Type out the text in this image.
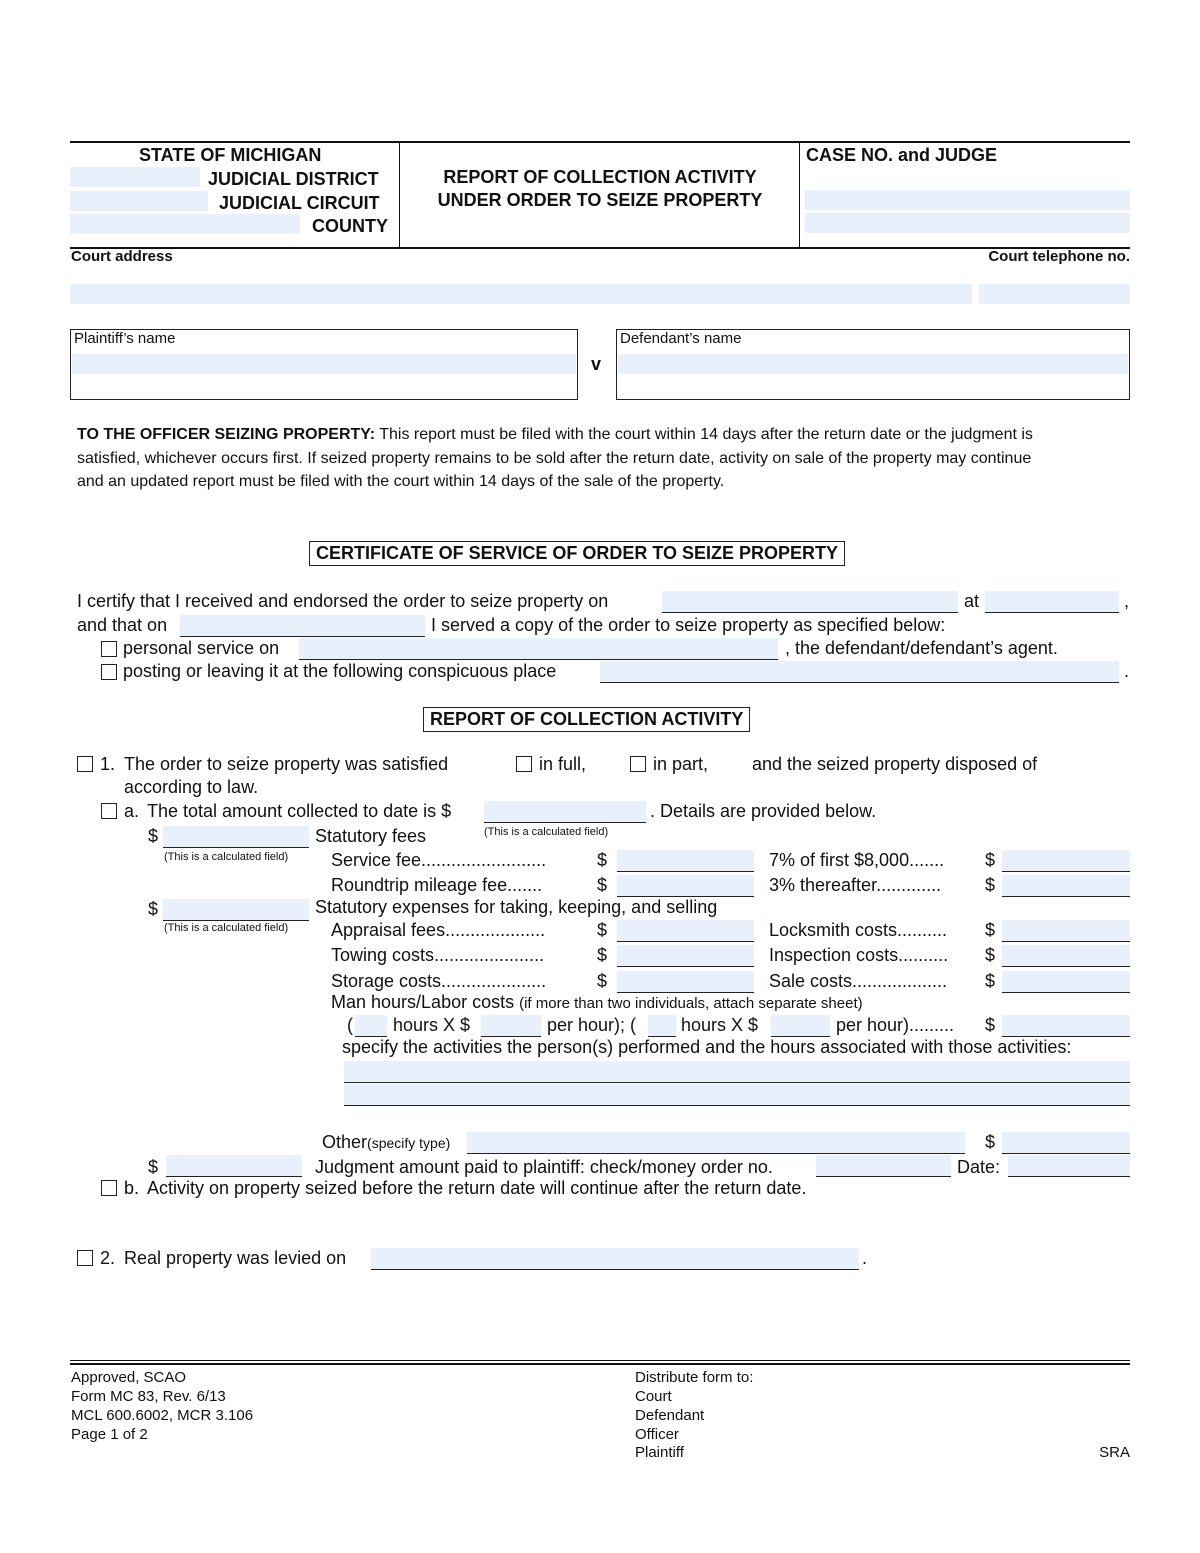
STATE OF MICHIGAN
JUDICIAL DISTRICT
JUDICIAL CIRCUIT
COUNTY
REPORT OF COLLECTION ACTIVITY
UNDER ORDER TO SEIZE PROPERTY
CASE NO. and JUDGE
Court address	Court telephone no.
Plaintiff’s name
v
Defendant’s name
TO THE OFFICER SEIZING PROPERTY: This report must be filed with the court within 14 days after the return date or the judgment is
satisfied, whichever occurs first. If seized property remains to be sold after the return date, activity on sale of the property may continue
and an updated report must be filed with the court within 14 days of the sale of the property.
CERTIFICATE OF SERVICE OF ORDER TO SEIZE PROPERTY
I certify that I received and endorsed the order to seize property on	at	,
and that on	I served a copy of the order to seize property as specified below:
personal service on	, the defendant/defendant’s agent.
posting or leaving it at the following conspicuous place	.
REPORT OF COLLECTION ACTIVITY
1. The order to seize property was satisfied	in full,	in part, and the seized property disposed of
according to law.
a. The total amount collected to date is $	. Details are provided below.
$
(This is a calculated field)
Statutory fees	(This is a calculated field)
Service fee.........................	$	7% of first $8,000....... $
Roundtrip mileage fee.......	$	3% thereafter............. $
$
(This is a calculated field)
Statutory expenses for taking, keeping, and selling
Appraisal fees....................	$	Locksmith costs.......... $
Towing costs......................	$	Inspection costs.......... $
Storage costs.....................	$	Sale costs................... $
Man hours/Labor costs (if more than two individuals, attach separate sheet)
( hours X $	per hour); ( hours X $	per hour)......... $
specify the activities the person(s) performed and the hours associated with those activities:
Other(specify type)	$
$	Judgment amount paid to plaintiff: check/money order no.	Date:
b. Activity on property seized before the return date will continue after the return date.
2. Real property was levied on	.
Approved, SCAO
Form MC 83, Rev. 6/13
MCL 600.6002, MCR 3.106
Page 1 of 2
Distribute form to:
Court
Defendant
Officer
Plaintiff	SRA
